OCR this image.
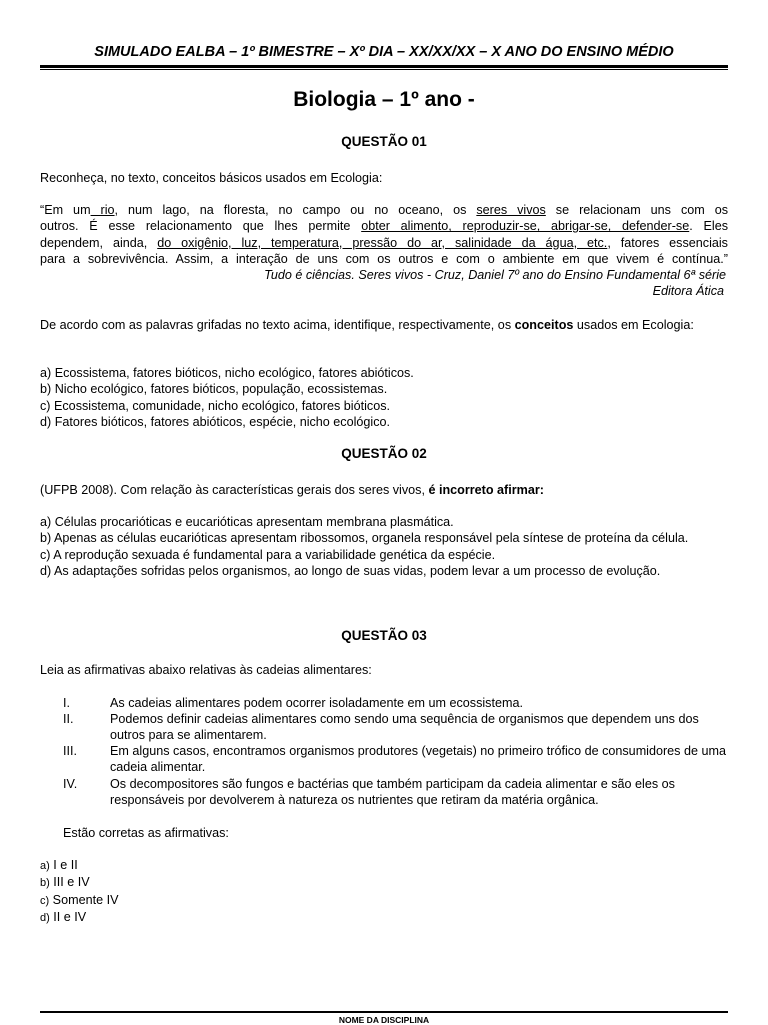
SIMULADO EALBA – 1º BIMESTRE – Xº DIA – XX/XX/XX – X ANO DO ENSINO MÉDIO
Biologia – 1º ano -
QUESTÃO 01
Reconheça, no texto, conceitos básicos usados em Ecologia:
“Em um rio, num lago, na floresta, no campo ou no oceano, os seres vivos se relacionam uns com os
outros. É esse relacionamento que lhes permite obter alimento, reproduzir-se, abrigar-se, defender-se. Eles
dependem, ainda, do oxigênio, luz, temperatura, pressão do ar, salinidade da água, etc., fatores essenciais
para a sobrevivência. Assim, a interação de uns com os outros e com o ambiente em que vivem é contínua.”
Tudo é ciências. Seres vivos - Cruz, Daniel 7º ano do Ensino Fundamental 6ª série
Editora Ática
De acordo com as palavras grifadas no texto acima, identifique, respectivamente, os conceitos usados em Ecologia:
a) Ecossistema, fatores bióticos, nicho ecológico, fatores abióticos.
b) Nicho ecológico, fatores bióticos, população, ecossistemas.
c) Ecossistema, comunidade, nicho ecológico, fatores bióticos.
d) Fatores bióticos, fatores abióticos, espécie, nicho ecológico.
QUESTÃO 02
(UFPB 2008). Com relação às características gerais dos seres vivos, é incorreto afirmar:
a) Células procarióticas e eucarióticas apresentam membrana plasmática.
b) Apenas as células eucarióticas apresentam ribossomos, organela responsável pela síntese de proteína da célula.
c) A reprodução sexuada é fundamental para a variabilidade genética da espécie.
d) As adaptações sofridas pelos organismos, ao longo de suas vidas, podem levar a um processo de evolução.
QUESTÃO 03
Leia as afirmativas abaixo relativas às cadeias alimentares:
I.	As cadeias alimentares podem ocorrer isoladamente em um ecossistema.
II.	Podemos definir cadeias alimentares como sendo uma sequência de organismos que dependem uns dos outros para se alimentarem.
III.	Em alguns casos, encontramos organismos produtores (vegetais) no primeiro trófico de consumidores de uma cadeia alimentar.
IV.	Os decompositores são fungos e bactérias que também participam da cadeia alimentar e são eles os responsáveis por devolverem à natureza os nutrientes que retiram da matéria orgânica.
Estão corretas as afirmativas:
a) I e II
b) III e IV
c) Somente IV
d) II e IV
NOME DA DISCIPLINA
